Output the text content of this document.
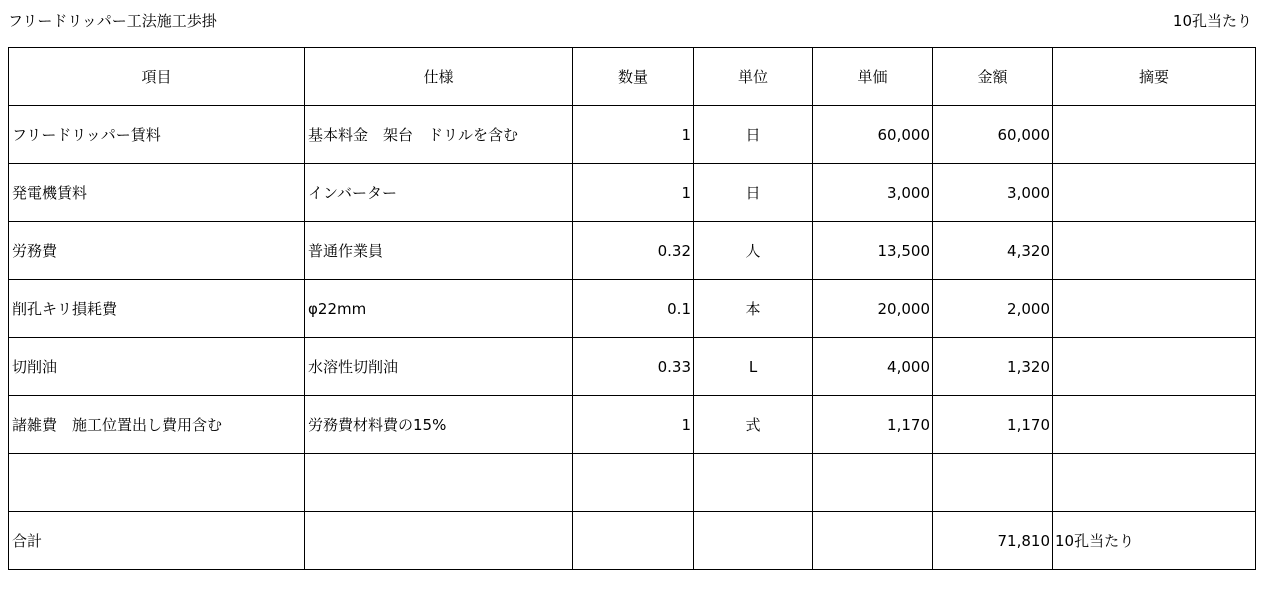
フリードリッパー工法施工歩掛	10孔当たり
項目	仕様	数量	単位	単価	金額	摘要
フリードリッパー賃料	基本料金　架台　ドリルを含む	1	日	60,000	60,000	
発電機賃料	インバーター	1	日	3,000	3,000	
労務費	普通作業員	0.32	人	13,500	4,320	
削孔キリ損耗費	φ22mm	0.1	本	20,000	2,000	
切削油	水溶性切削油	0.33	L	4,000	1,320	
諸雑費　施工位置出し費用含む	労務費材料費の15%	1	式	1,170	1,170	

合計					71,810	10孔当たり
